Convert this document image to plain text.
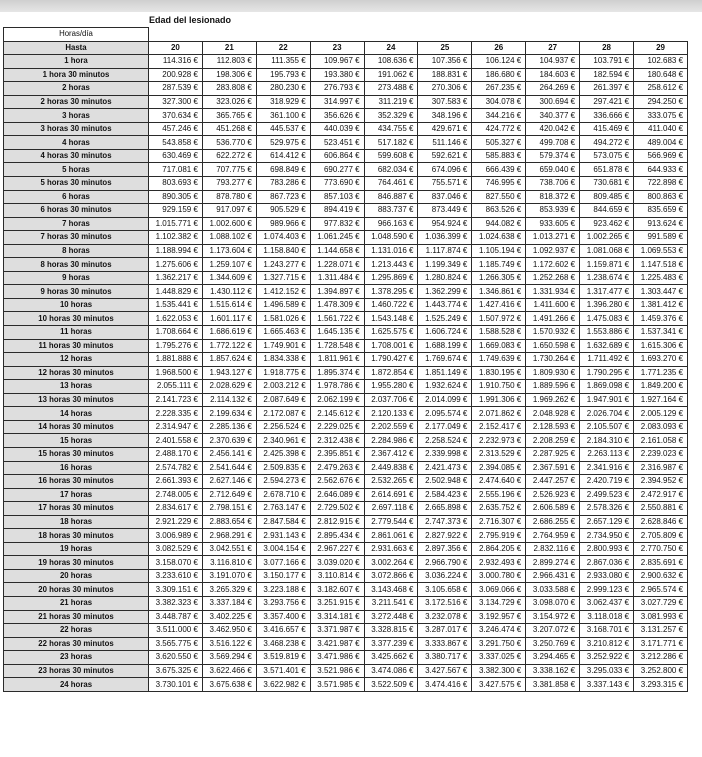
Edad del lesionado
Horas/día										
Hasta	20	21	22	23	24	25	26	27	28	29
1 hora	114.316 €	112.803 €	111.355 €	109.967 €	108.636 €	107.356 €	106.124 €	104.937 €	103.791 €	102.683 €
1 hora 30 minutos	200.928 €	198.306 €	195.793 €	193.380 €	191.062 €	188.831 €	186.680 €	184.603 €	182.594 €	180.648 €
2 horas	287.539 €	283.808 €	280.230 €	276.793 €	273.488 €	270.306 €	267.235 €	264.269 €	261.397 €	258.612 €
2 horas 30 minutos	327.300 €	323.026 €	318.929 €	314.997 €	311.219 €	307.583 €	304.078 €	300.694 €	297.421 €	294.250 €
3 horas	370.634 €	365.765 €	361.100 €	356.626 €	352.329 €	348.196 €	344.216 €	340.377 €	336.666 €	333.075 €
3 horas 30 minutos	457.246 €	451.268 €	445.537 €	440.039 €	434.755 €	429.671 €	424.772 €	420.042 €	415.469 €	411.040 €
4 horas	543.858 €	536.770 €	529.975 €	523.451 €	517.182 €	511.146 €	505.327 €	499.708 €	494.272 €	489.004 €
4 horas 30 minutos	630.469 €	622.272 €	614.412 €	606.864 €	599.608 €	592.621 €	585.883 €	579.374 €	573.075 €	566.969 €
5 horas	717.081 €	707.775 €	698.849 €	690.277 €	682.034 €	674.096 €	666.439 €	659.040 €	651.878 €	644.933 €
5 horas 30 minutos	803.693 €	793.277 €	783.286 €	773.690 €	764.461 €	755.571 €	746.995 €	738.706 €	730.681 €	722.898 €
6 horas	890.305 €	878.780 €	867.723 €	857.103 €	846.887 €	837.046 €	827.550 €	818.372 €	809.485 €	800.863 €
6 horas 30 minutos	929.159 €	917.097 €	905.529 €	894.419 €	883.737 €	873.449 €	863.526 €	853.939 €	844.659 €	835.659 €
7 horas	1.015.771 €	1.002.600 €	989.966 €	977.832 €	966.163 €	954.924 €	944.082 €	933.605 €	923.462 €	913.624 €
7 horas 30 minutos	1.102.382 €	1.088.102 €	1.074.403 €	1.061.245 €	1.048.590 €	1.036.399 €	1.024.638 €	1.013.271 €	1.002.265 €	991.589 €
8 horas	1.188.994 €	1.173.604 €	1.158.840 €	1.144.658 €	1.131.016 €	1.117.874 €	1.105.194 €	1.092.937 €	1.081.068 €	1.069.553 €
8 horas 30 minutos	1.275.606 €	1.259.107 €	1.243.277 €	1.228.071 €	1.213.443 €	1.199.349 €	1.185.749 €	1.172.602 €	1.159.871 €	1.147.518 €
9 horas	1.362.217 €	1.344.609 €	1.327.715 €	1.311.484 €	1.295.869 €	1.280.824 €	1.266.305 €	1.252.268 €	1.238.674 €	1.225.483 €
9 horas 30 minutos	1.448.829 €	1.430.112 €	1.412.152 €	1.394.897 €	1.378.295 €	1.362.299 €	1.346.861 €	1.331.934 €	1.317.477 €	1.303.447 €
10 horas	1.535.441 €	1.515.614 €	1.496.589 €	1.478.309 €	1.460.722 €	1.443.774 €	1.427.416 €	1.411.600 €	1.396.280 €	1.381.412 €
10 horas 30 minutos	1.622.053 €	1.601.117 €	1.581.026 €	1.561.722 €	1.543.148 €	1.525.249 €	1.507.972 €	1.491.266 €	1.475.083 €	1.459.376 €
11 horas	1.708.664 €	1.686.619 €	1.665.463 €	1.645.135 €	1.625.575 €	1.606.724 €	1.588.528 €	1.570.932 €	1.553.886 €	1.537.341 €
11 horas 30 minutos	1.795.276 €	1.772.122 €	1.749.901 €	1.728.548 €	1.708.001 €	1.688.199 €	1.669.083 €	1.650.598 €	1.632.689 €	1.615.306 €
12 horas	1.881.888 €	1.857.624 €	1.834.338 €	1.811.961 €	1.790.427 €	1.769.674 €	1.749.639 €	1.730.264 €	1.711.492 €	1.693.270 €
12 horas 30 minutos	1.968.500 €	1.943.127 €	1.918.775 €	1.895.374 €	1.872.854 €	1.851.149 €	1.830.195 €	1.809.930 €	1.790.295 €	1.771.235 €
13 horas	2.055.111 €	2.028.629 €	2.003.212 €	1.978.786 €	1.955.280 €	1.932.624 €	1.910.750 €	1.889.596 €	1.869.098 €	1.849.200 €
13 horas 30 minutos	2.141.723 €	2.114.132 €	2.087.649 €	2.062.199 €	2.037.706 €	2.014.099 €	1.991.306 €	1.969.262 €	1.947.901 €	1.927.164 €
14 horas	2.228.335 €	2.199.634 €	2.172.087 €	2.145.612 €	2.120.133 €	2.095.574 €	2.071.862 €	2.048.928 €	2.026.704 €	2.005.129 €
14 horas 30 minutos	2.314.947 €	2.285.136 €	2.256.524 €	2.229.025 €	2.202.559 €	2.177.049 €	2.152.417 €	2.128.593 €	2.105.507 €	2.083.093 €
15 horas	2.401.558 €	2.370.639 €	2.340.961 €	2.312.438 €	2.284.986 €	2.258.524 €	2.232.973 €	2.208.259 €	2.184.310 €	2.161.058 €
15 horas 30 minutos	2.488.170 €	2.456.141 €	2.425.398 €	2.395.851 €	2.367.412 €	2.339.998 €	2.313.529 €	2.287.925 €	2.263.113 €	2.239.023 €
16 horas	2.574.782 €	2.541.644 €	2.509.835 €	2.479.263 €	2.449.838 €	2.421.473 €	2.394.085 €	2.367.591 €	2.341.916 €	2.316.987 €
16 horas 30 minutos	2.661.393 €	2.627.146 €	2.594.273 €	2.562.676 €	2.532.265 €	2.502.948 €	2.474.640 €	2.447.257 €	2.420.719 €	2.394.952 €
17 horas	2.748.005 €	2.712.649 €	2.678.710 €	2.646.089 €	2.614.691 €	2.584.423 €	2.555.196 €	2.526.923 €	2.499.523 €	2.472.917 €
17 horas 30 minutos	2.834.617 €	2.798.151 €	2.763.147 €	2.729.502 €	2.697.118 €	2.665.898 €	2.635.752 €	2.606.589 €	2.578.326 €	2.550.881 €
18 horas	2.921.229 €	2.883.654 €	2.847.584 €	2.812.915 €	2.779.544 €	2.747.373 €	2.716.307 €	2.686.255 €	2.657.129 €	2.628.846 €
18 horas 30 minutos	3.006.989 €	2.968.291 €	2.931.143 €	2.895.434 €	2.861.061 €	2.827.922 €	2.795.919 €	2.764.959 €	2.734.950 €	2.705.809 €
19 horas	3.082.529 €	3.042.551 €	3.004.154 €	2.967.227 €	2.931.663 €	2.897.356 €	2.864.205 €	2.832.116 €	2.800.993 €	2.770.750 €
19 horas 30 minutos	3.158.070 €	3.116.810 €	3.077.166 €	3.039.020 €	3.002.264 €	2.966.790 €	2.932.493 €	2.899.274 €	2.867.036 €	2.835.691 €
20 horas	3.233.610 €	3.191.070 €	3.150.177 €	3.110.814 €	3.072.866 €	3.036.224 €	3.000.780 €	2.966.431 €	2.933.080 €	2.900.632 €
20 horas 30 minutos	3.309.151 €	3.265.329 €	3.223.188 €	3.182.607 €	3.143.468 €	3.105.658 €	3.069.066 €	3.033.588 €	2.999.123 €	2.965.574 €
21 horas	3.382.323 €	3.337.184 €	3.293.756 €	3.251.915 €	3.211.541 €	3.172.516 €	3.134.729 €	3.098.070 €	3.062.437 €	3.027.729 €
21 horas 30 minutos	3.448.787 €	3.402.225 €	3.357.400 €	3.314.181 €	3.272.448 €	3.232.078 €	3.192.957 €	3.154.972 €	3.118.018 €	3.081.993 €
22 horas	3.511.000 €	3.462.950 €	3.416.657 €	3.371.987 €	3.328.815 €	3.287.017 €	3.246.474 €	3.207.072 €	3.168.701 €	3.131.257 €
22 horas 30 minutos	3.565.775 €	3.516.122 €	3.468.238 €	3.421.987 €	3.377.239 €	3.333.867 €	3.291.750 €	3.250.769 €	3.210.812 €	3.171.771 €
23 horas	3.620.550 €	3.569.294 €	3.519.819 €	3.471.986 €	3.425.662 €	3.380.717 €	3.337.025 €	3.294.465 €	3.252.922 €	3.212.286 €
23 horas 30 minutos	3.675.325 €	3.622.466 €	3.571.401 €	3.521.986 €	3.474.086 €	3.427.567 €	3.382.300 €	3.338.162 €	3.295.033 €	3.252.800 €
24 horas	3.730.101 €	3.675.638 €	3.622.982 €	3.571.985 €	3.522.509 €	3.474.416 €	3.427.575 €	3.381.858 €	3.337.143 €	3.293.315 €
